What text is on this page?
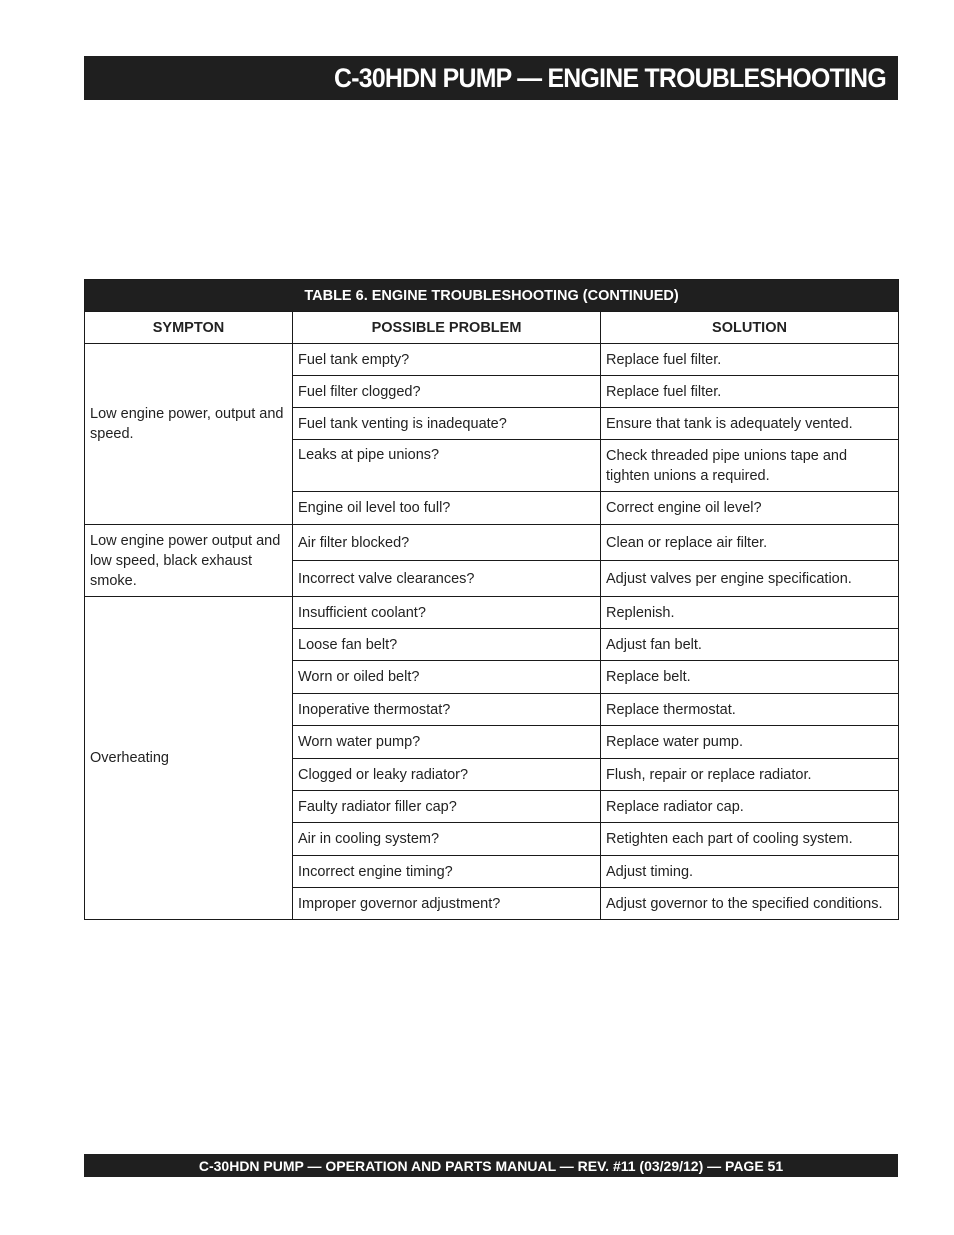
C-30HDN PUMP — ENGINE TROUBLESHOOTING
TABLE 6. ENGINE TROUBLESHOOTING (CONTINUED)		
SYMPTON	POSSIBLE PROBLEM	SOLUTION
Low engine power, output and speed.	Fuel tank empty?	Replace fuel filter.
	Fuel filter clogged?	Replace fuel filter.
	Fuel tank venting is inadequate?	Ensure that tank is adequately vented.
	Leaks at pipe unions?	Check threaded pipe unions tape and tighten unions a required.
	Engine oil level too full?	Correct engine oil level?
Low engine power output and low speed, black exhaust smoke.	Air filter blocked?	Clean or replace air filter.
	Incorrect valve clearances?	Adjust valves per engine specification.
Overheating	Insufficient coolant?	Replenish.
	Loose fan belt?	Adjust fan belt.
	Worn or oiled belt?	Replace belt.
	Inoperative thermostat?	Replace thermostat.
	Worn water pump?	Replace water pump.
	Clogged or leaky radiator?	Flush, repair or replace radiator.
	Faulty radiator filler cap?	Replace radiator cap.
	Air in cooling system?	Retighten each part of cooling system.
	Incorrect engine timing?	Adjust timing.
	Improper governor adjustment?	Adjust governor to the specified conditions.
C-30HDN PUMP — OPERATION AND PARTS MANUAL — REV. #11 (03/29/12) — PAGE 51
